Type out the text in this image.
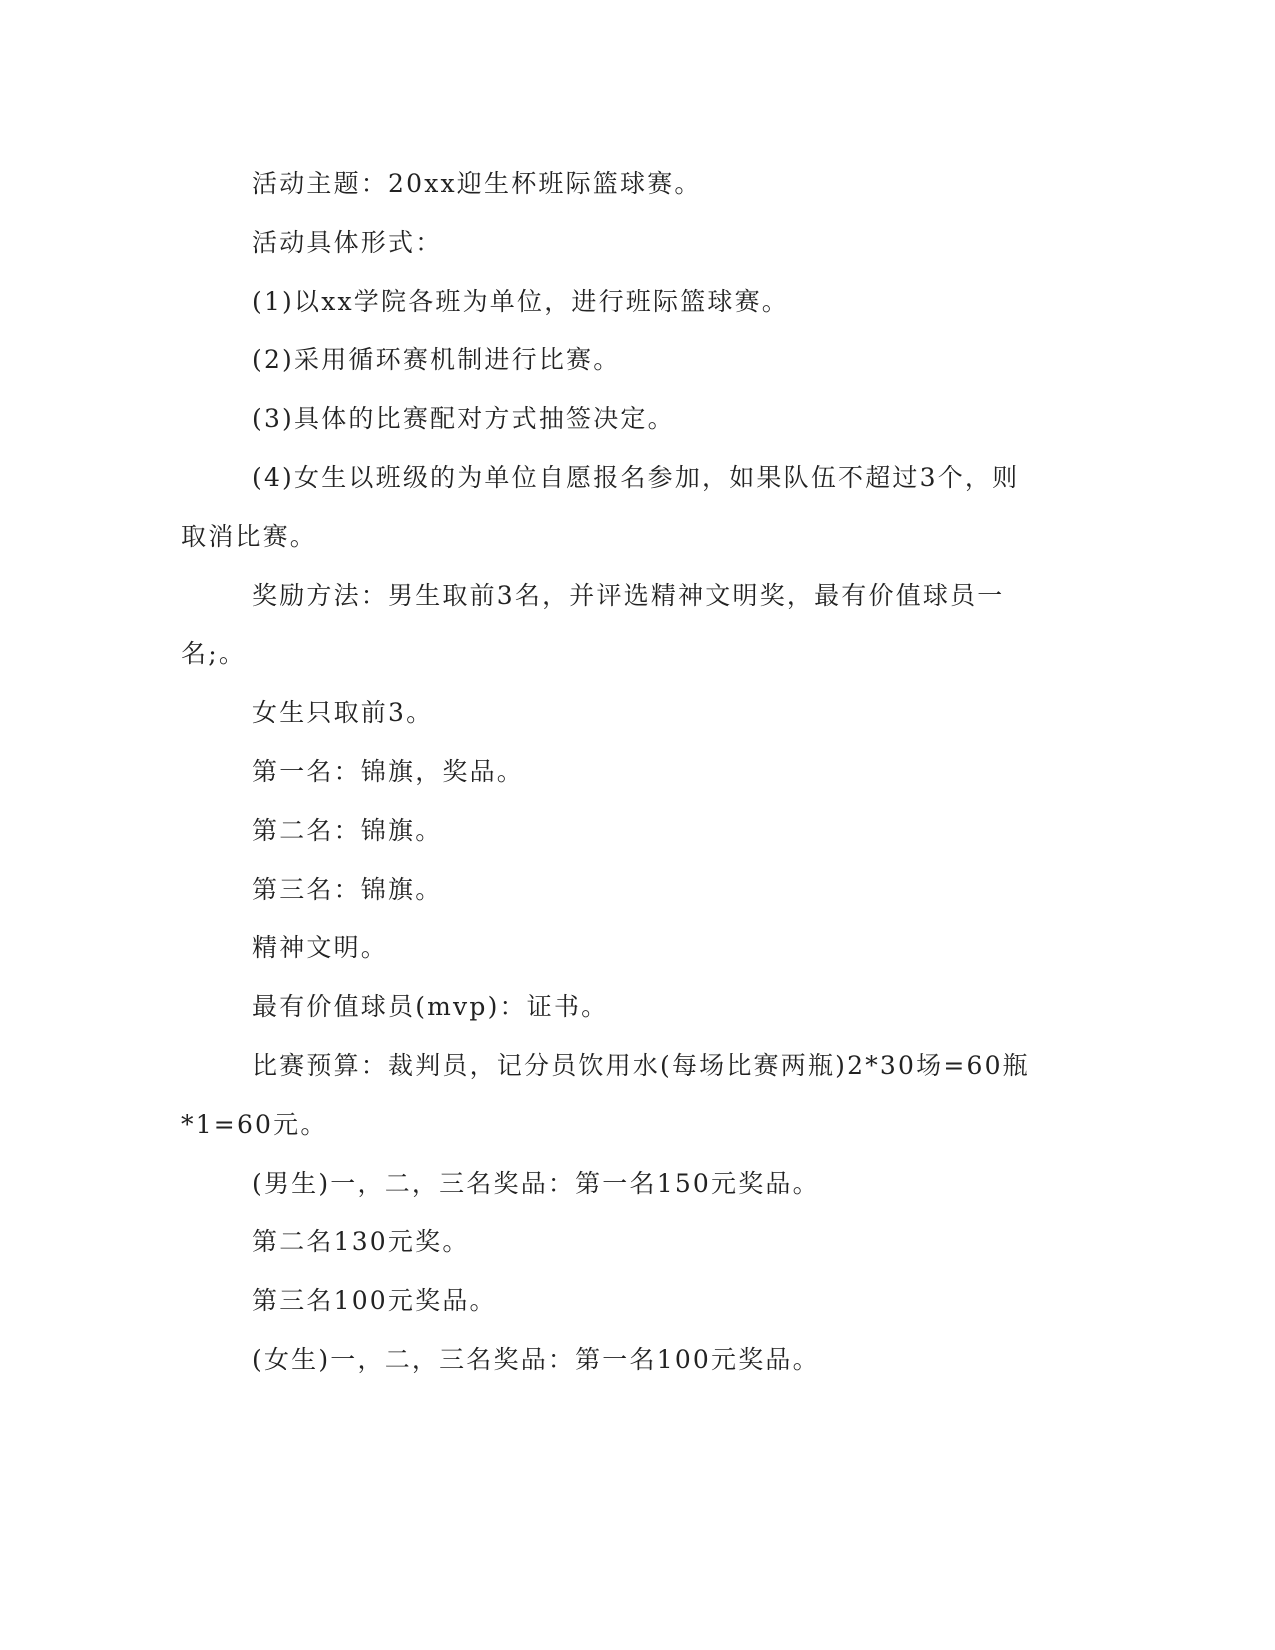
活动主题：20xx迎生杯班际篮球赛。

活动具体形式：

(1)以xx学院各班为单位，进行班际篮球赛。

(2)采用循环赛机制进行比赛。

(3)具体的比赛配对方式抽签决定。

(4)女生以班级的为单位自愿报名参加，如果队伍不超过3个，则取消比赛。

奖励方法：男生取前3名，并评选精神文明奖，最有价值球员一名;。

女生只取前3。

第一名：锦旗，奖品。

第二名：锦旗。

第三名：锦旗。

精神文明。

最有价值球员(mvp)：证书。

比赛预算：裁判员，记分员饮用水(每场比赛两瓶)2*30场=60瓶*1=60元。

(男生)一，二，三名奖品：第一名150元奖品。

第二名130元奖。

第三名100元奖品。

(女生)一，二，三名奖品：第一名100元奖品。
